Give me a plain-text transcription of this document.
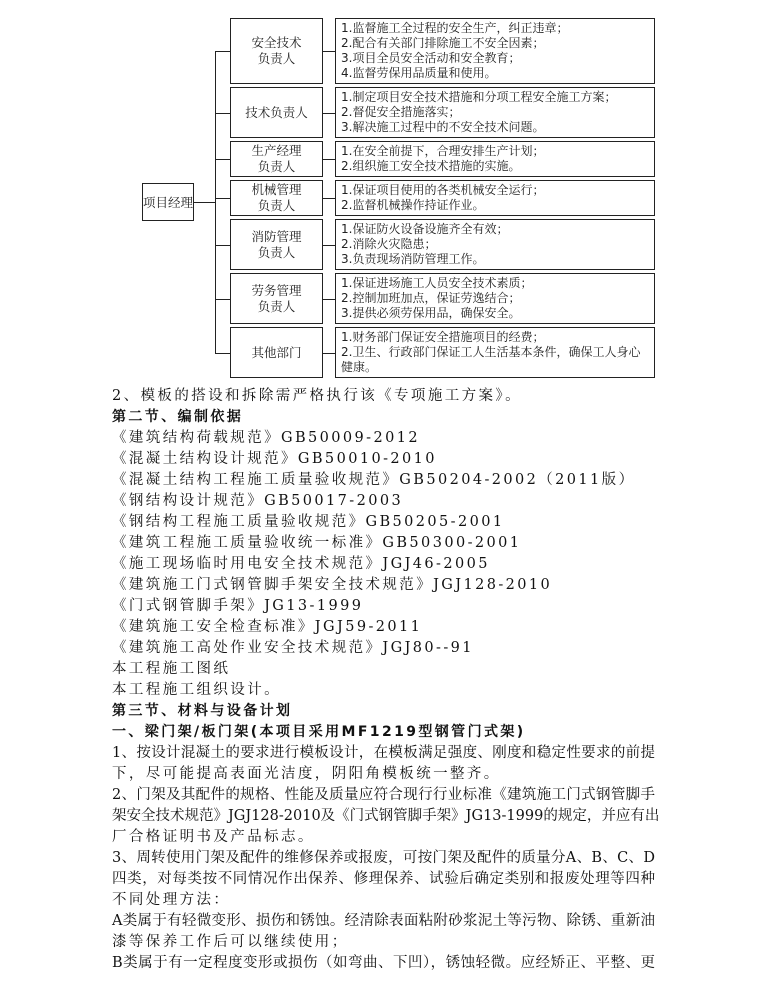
项目经理
安全技术
负责人
1.监督施工全过程的安全生产，纠正违章；
2.配合有关部门排除施工不安全因素；
3.项目全员安全活动和安全教育；
4.监督劳保用品质量和使用。
技术负责人
1.制定项目安全技术措施和分项工程安全施工方案；
2.督促安全措施落实；
3.解决施工过程中的不安全技术问题。
生产经理
负责人
1.在安全前提下，合理安排生产计划；
2.组织施工安全技术措施的实施。
机械管理
负责人
1.保证项目使用的各类机械安全运行；
2.监督机械操作持证作业。
消防管理
负责人
1.保证防火设备设施齐全有效；
2.消除火灾隐患；
3.负责现场消防管理工作。
劳务管理
负责人
1.保证进场施工人员安全技术素质；
2.控制加班加点，保证劳逸结合；
3.提供必须劳保用品，确保安全。
其他部门
1.财务部门保证安全措施项目的经费；
2.卫生、行政部门保证工人生活基本条件，确保工人身心健康。
2、模板的搭设和拆除需严格执行该《专项施工方案》。
第二节、编制依据
《建筑结构荷载规范》GB50009-2012
《混凝土结构设计规范》GB50010-2010
《混凝土结构工程施工质量验收规范》GB50204-2002（2011版）
《钢结构设计规范》GB50017-2003
《钢结构工程施工质量验收规范》GB50205-2001
《建筑工程施工质量验收统一标准》GB50300-2001
《施工现场临时用电安全技术规范》JGJ46-2005
《建筑施工门式钢管脚手架安全技术规范》JGJ128-2010
《门式钢管脚手架》JG13-1999
《建筑施工安全检查标准》JGJ59-2011
《建筑施工高处作业安全技术规范》JGJ80--91
本工程施工图纸
本工程施工组织设计。
第三节、材料与设备计划
一、梁门架/板门架(本项目采用MF1219型钢管门式架)
1、按设计混凝土的要求进行模板设计，在模板满足强度、刚度和稳定性要求的前提
下，尽可能提高表面光洁度，阴阳角模板统一整齐。
2、门架及其配件的规格、性能及质量应符合现行行业标准《建筑施工门式钢管脚手
架安全技术规范》JGJ128-2010及《门式钢管脚手架》JG13-1999的规定，并应有出
厂合格证明书及产品标志。
3、周转使用门架及配件的维修保养或报废，可按门架及配件的质量分A、B、C、D
四类，对每类按不同情况作出保养、修理保养、试验后确定类别和报废处理等四种
不同处理方法：
A类属于有轻微变形、损伤和锈蚀。经清除表面粘附砂浆泥土等污物、除锈、重新油
漆等保养工作后可以继续使用；
B类属于有一定程度变形或损伤（如弯曲、下凹），锈蚀轻微。应经矫正、平整、更
